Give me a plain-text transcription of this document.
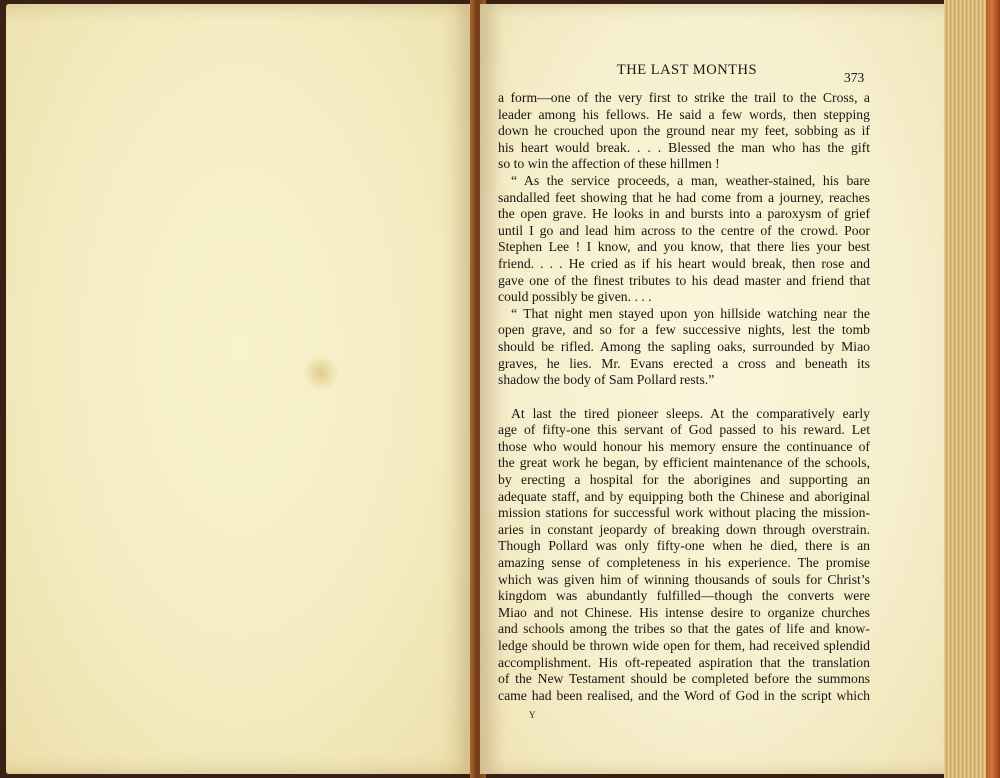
THE LAST MONTHS	373
a form—one of the very first to strike the trail to the Cross, a
leader among his fellows. He said a few words, then stepping
down he crouched upon the ground near my feet, sobbing as if
his heart would break. . . . Blessed the man who has the gift
so to win the affection of these hillmen !
“ As the service proceeds, a man, weather-stained, his bare
sandalled feet showing that he had come from a journey, reaches
the open grave. He looks in and bursts into a paroxysm of grief
until I go and lead him across to the centre of the crowd. Poor
Stephen Lee ! I know, and you know, that there lies your best
friend. . . . He cried as if his heart would break, then rose and
gave one of the finest tributes to his dead master and friend that
could possibly be given. . . .
“ That night men stayed upon yon hillside watching near the
open grave, and so for a few successive nights, lest the tomb
should be rifled. Among the sapling oaks, surrounded by Miao
graves, he lies. Mr. Evans erected a cross and beneath its
shadow the body of Sam Pollard rests.”
At last the tired pioneer sleeps. At the comparatively early
age of fifty-one this servant of God passed to his reward. Let
those who would honour his memory ensure the continuance of
the great work he began, by efficient maintenance of the schools,
by erecting a hospital for the aborigines and supporting an
adequate staff, and by equipping both the Chinese and aboriginal
mission stations for successful work without placing the mission-
aries in constant jeopardy of breaking down through overstrain.
Though Pollard was only fifty-one when he died, there is an
amazing sense of completeness in his experience. The promise
which was given him of winning thousands of souls for Christ’s
kingdom was abundantly fulfilled—though the converts were
Miao and not Chinese. His intense desire to organize churches
and schools among the tribes so that the gates of life and know-
ledge should be thrown wide open for them, had received splendid
accomplishment. His oft-repeated aspiration that the translation
of the New Testament should be completed before the summons
came had been realised, and the Word of God in the script which
Y
